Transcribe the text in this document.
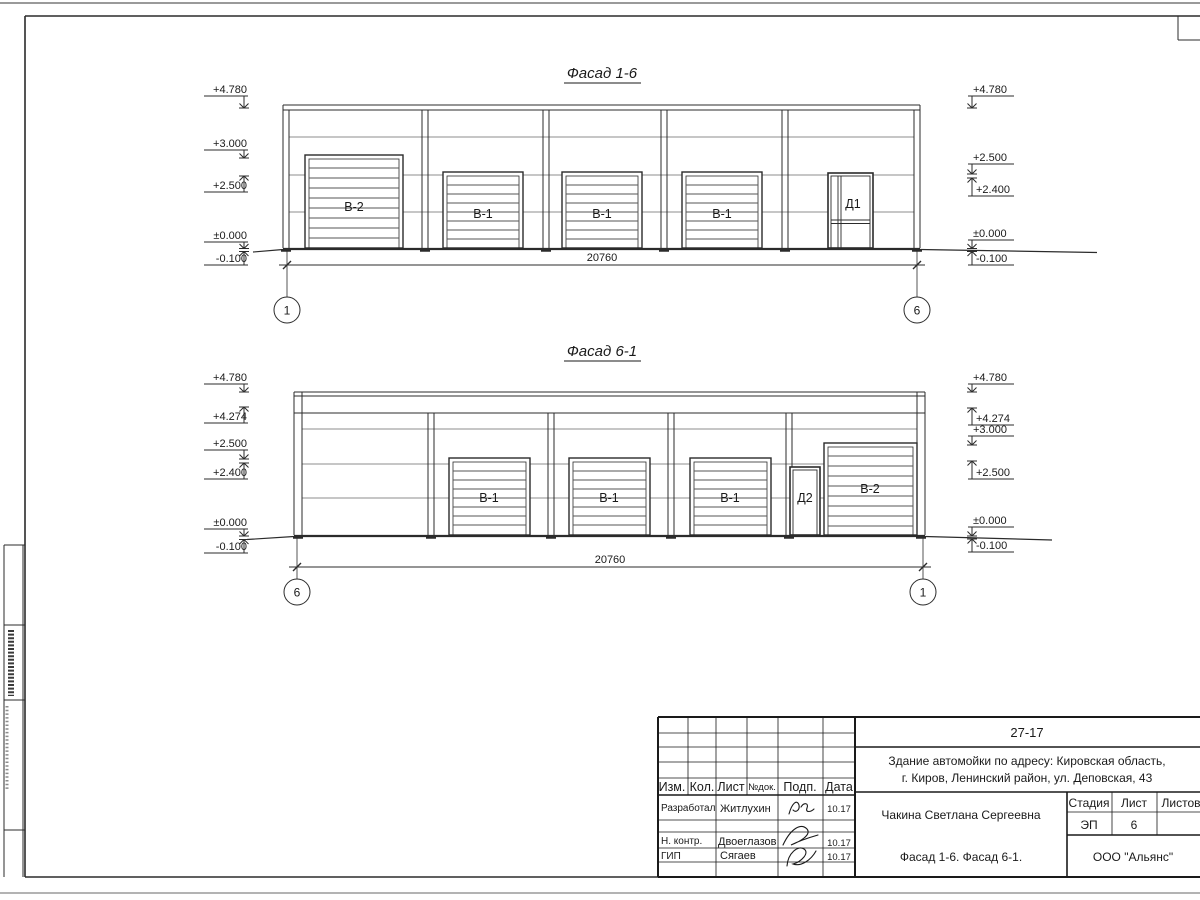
Фасад 1-6
В-2	В-1	В-1	В-1
Д1
+4.780
+3.000
+2.500
±0.000
-0.100
+4.780
+2.500
+2.400
±0.000
-0.100
20760
1	6
Фасад 6-1
В-1	В-1	В-1	Д2
В-2
+4.780
+4.274
+2.500
+2.400
±0.000
-0.100
+4.780
+4.274
+3.000
+2.500
±0.000
-0.100
20760
6	1
Изм. Кол. Лист №док. Подп. Дата
Разработал Житлухин	10.17
Н. контр. Двоеглазов	10.17
ГИП	Сягаев	10.17
27-17
Здание автомойки по адресу: Кировская область,
г. Киров, Ленинский район, ул. Деповская, 43
Чакина Светлана Сергеевна
Стадия Лист Листов
ЭП	6
Фасад 1-6. Фасад 6-1.	ООО "Альянс"
